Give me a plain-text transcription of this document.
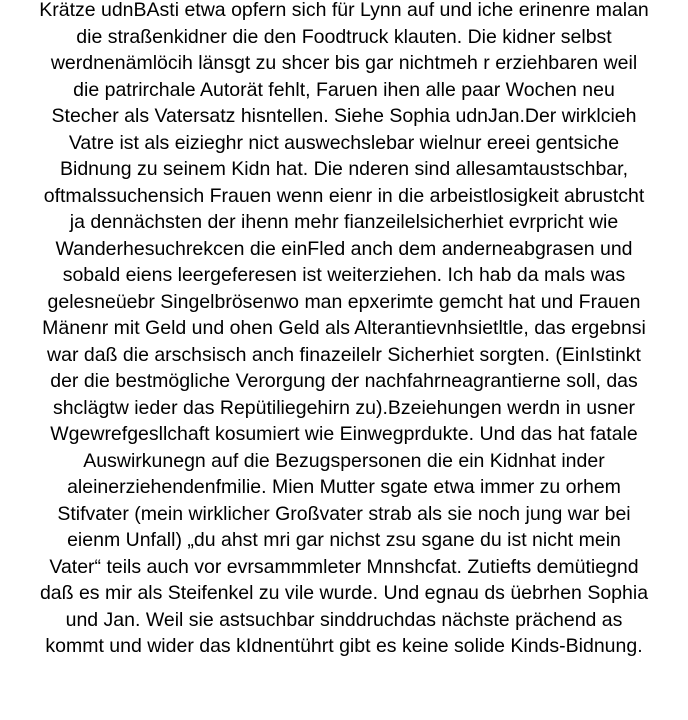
Krätze udnBAsti etwa opfern sich für Lynn auf und iche erinenre malan
die straßenkidner die den Foodtruck klauten. Die kidner selbst
werdnenämlöcih länsgt zu shcer bis gar nichtmeh r erziehbaren weil
die patrirchale Autorät fehlt, Faruen ihen alle paar Wochen neu
Stecher als Vatersatz hisntellen. Siehe Sophia udnJan.Der wirklcieh
Vatre ist als eizieghr nict auswechslebar wielnur ereei gentsiche
Bidnung zu seinem Kidn hat. Die nderen sind allesamtaustschbar,
oftmalssuchensich Frauen wenn eienr in die arbeistlosigkeit abrustcht
ja dennächsten der ihenn mehr fianzeilelsicherhiet evrpricht wie
Wanderhesuchrekcen die einFled anch dem anderneabgrasen und
sobald eiens leergeferesen ist weiterziehen. Ich hab da mals was
gelesneüebr Singelbrösenwo man epxerimte gemcht hat und Frauen
Mänenr mit Geld und ohen Geld als Alterantievnhsietltle, das ergebnsi
war daß die arschsisch anch finazeilelr Sicherhiet sorgten. (EinIstinkt
der die bestmögliche Verorgung der nachfahrneagrantierne soll, das
shclägtw ieder das Repütiliegehirn zu).Bzeiehungen werdn in usner
Wgewrefgesllchaft kosumiert wie Einwegprdukte. Und das hat fatale
Auswirkunegn auf die Bezugspersonen die ein Kidnhat inder
aleinerziehendenfmilie. Mien Mutter sgate etwa immer zu orhem
Stifvater (mein wirklicher Großvater strab als sie noch jung war bei
eienm Unfall) „du ahst mri gar nichst zsu sgane du ist nicht mein
Vater“ teils auch vor evrsammmleter Mnnshcfat. Zutiefts demütiegnd
daß es mir als Steifenkel zu vile wurde. Und egnau ds üebrhen Sophia
und Jan. Weil sie astsuchbar sinddruchdas nächste prächend as
kommt und wider das kIdnentührt gibt es keine solide Kinds-Bidnung.
